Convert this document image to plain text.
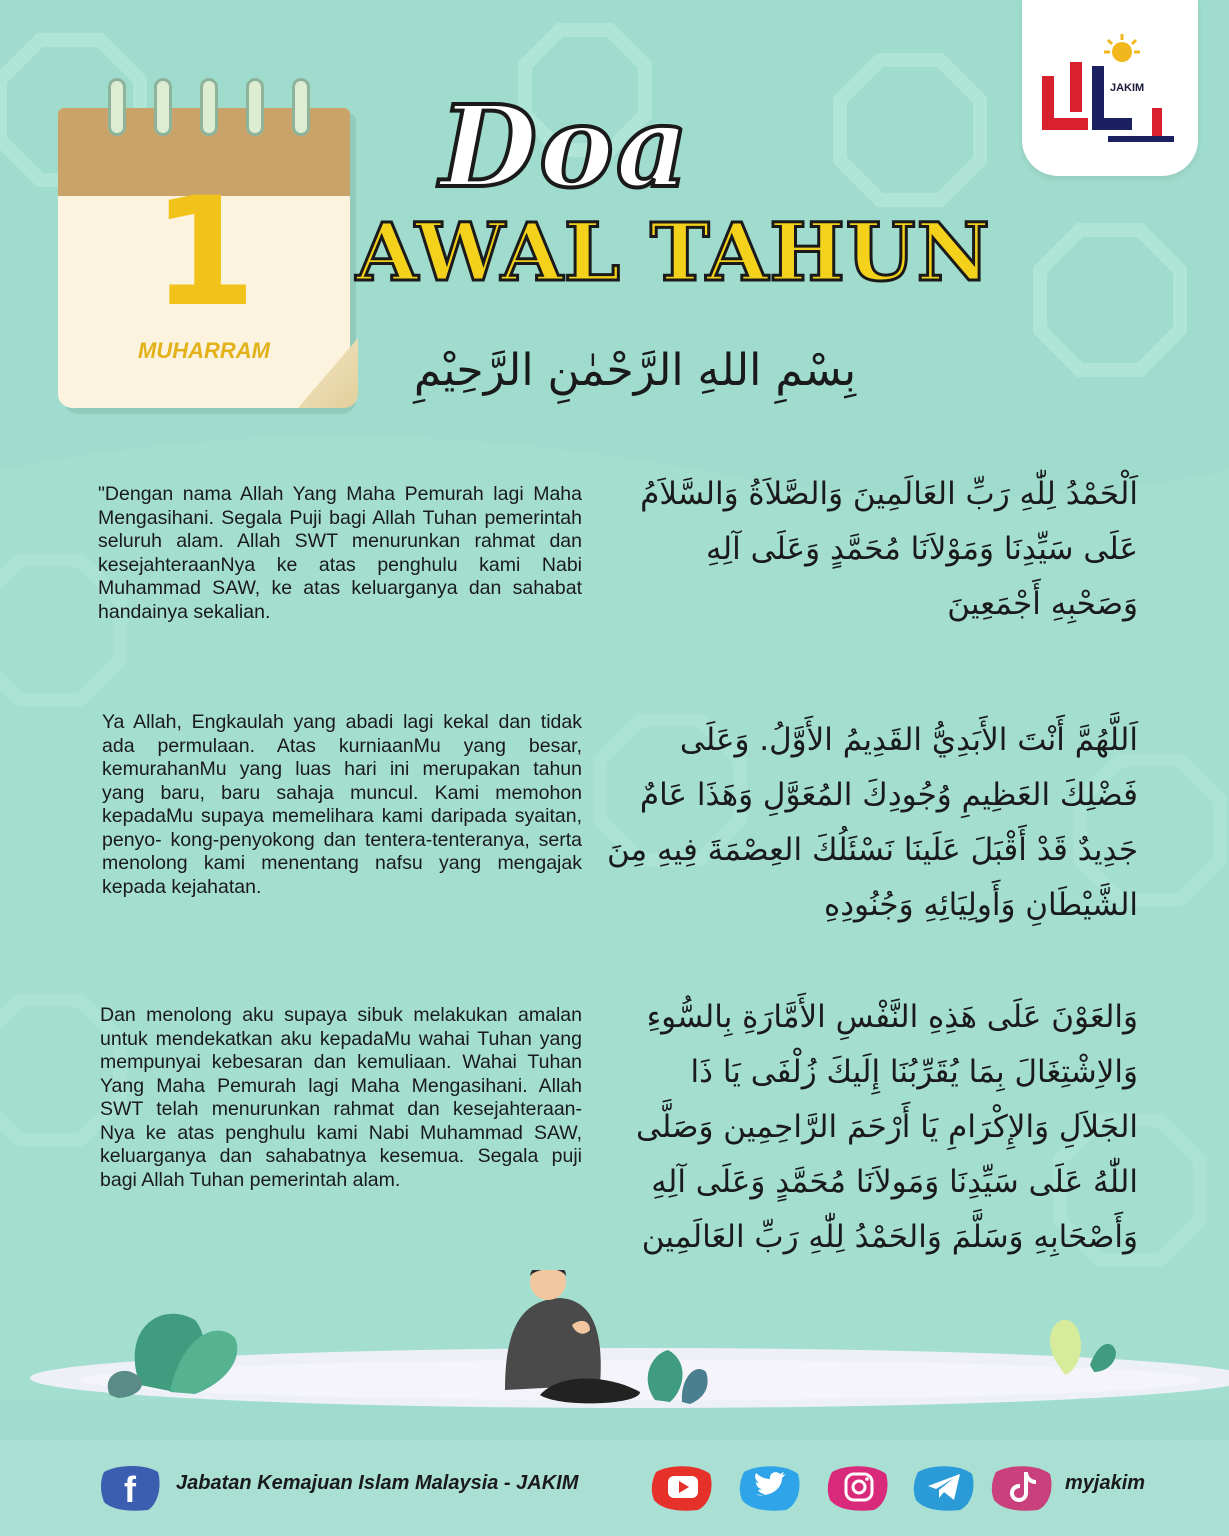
1
MUHARRAM
Doa
AWAL TAHUN
JAKIM
بِسْمِ اللهِ الرَّحْمٰنِ الرَّحِيْمِ
"Dengan nama Allah Yang Maha Pemurah lagi Maha Mengasihani. Segala Puji bagi Allah Tuhan pemerintah seluruh alam. Allah SWT menurunkan rahmat dan kesejahteraanNya ke atas penghulu kami Nabi Muhammad SAW, ke atas keluarganya dan sahabat handainya sekalian.
اَلْحَمْدُ لِلّٰهِ رَبِّ العَالَمِينَ وَالصَّلاَةُ وَالسَّلاَمُ عَلَى سَيِّدِنَا وَمَوْلاَنَا مُحَمَّدٍ وَعَلَى آلِهِ وَصَحْبِهِ أَجْمَعِينَ
Ya Allah, Engkaulah yang abadi lagi kekal dan tidak ada permulaan. Atas kurniaanMu yang besar, kemurahanMu yang luas hari ini merupakan tahun yang baru, baru sahaja muncul. Kami memohon kepadaMu supaya memelihara kami daripada syaitan, penyo- kong-penyokong dan tentera-tenteranya, serta menolong kami menentang nafsu yang mengajak kepada kejahatan.
اَللَّهُمَّ أَنْتَ الأَبَدِيُّ القَدِيمُ الأَوَّلُ. وَعَلَى فَضْلِكَ العَظِيمِ وُجُودِكَ المُعَوَّلِ وَهَذَا عَامٌ جَدِيدٌ قَدْ أَقْبَلَ عَلَينَا نَسْئَلُكَ العِصْمَةَ فِيهِ مِنَ الشَّيْطَانِ وَأَولِيَائِهِ وَجُنُودِهِ
Dan menolong aku supaya sibuk melakukan amalan untuk mendekatkan aku kepadaMu wahai Tuhan yang mempunyai kebesaran dan kemuliaan. Wahai Tuhan Yang Maha Pemurah lagi Maha Mengasihani. Allah SWT telah menurunkan rahmat dan kesejahteraan- Nya ke atas penghulu kami Nabi Muhammad SAW, keluarganya dan sahabatnya kesemua. Segala puji bagi Allah Tuhan pemerintah alam.
وَالعَوْنَ عَلَى هَذِهِ النَّفْسِ الأَمَّارَةِ بِالسُّوءِ وَالاِشْتِغَالَ بِمَا يُقَرِّبُنَا إِلَيكَ زُلْفَى يَا ذَا الجَلاَلِ وَالإِكْرَامِ يَا أَرْحَمَ الرَّاحِمِين وَصَلَّى اللّٰهُ عَلَى سَيِّدِنَا وَمَولاَنَا مُحَمَّدٍ وَعَلَى آلِهِ وَأَصْحَابِهِ وَسَلَّمَ وَالحَمْدُ لِلّٰهِ رَبِّ العَالَمِين
f Jabatan Kemajuan Islam Malaysia - JAKIM	myjakim
